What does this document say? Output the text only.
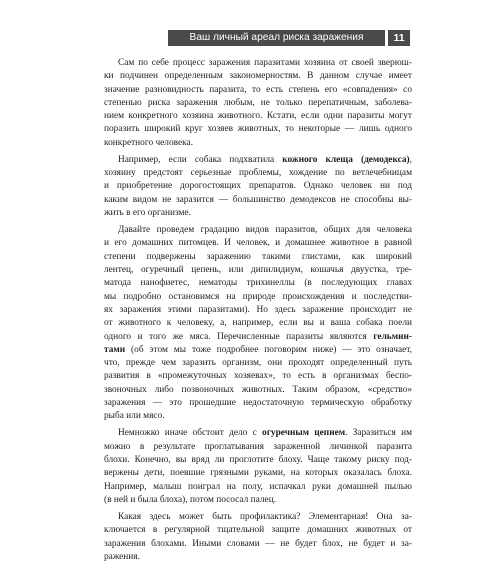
Ваш личный ареал риска заражения	11
Сам по себе процесс заражения паразитами хозяина от своей зверюш-
ки подчинен определенным закономерностям. В данном случае имеет
значение разновидность паразита, то есть степень его «совпадения» со
степенью риска заражения любым, не только перепатичным, заболева-
нием конкретного хозяина животного. Кстати, если одни паразиты могут
поразить широкий круг хозяев животных, то некоторые — лишь одного
конкретного человека.
Например, если собака подхватила кожного клеща (демодекса),
хозяину предстоят серьезные проблемы, хождение по ветлечебницам
и приобретение дорогостоящих препаратов. Однако человек ни под
каким видом не заразится — большинство демодексов не способны вы-
жить в его организме.
Давайте проведем градацию видов паразитов, общих для человека
и его домашних питомцев. И человек, и домашнее животное в равной
степени подвержены заражению такими глистами, как широкий
лентец, огуречный цепень, или дипилидиум, кошачья двуустка, тре-
матода нанофиетес, нематоды трихинеллы (в последующих главах
мы подробно остановимся на природе происхождения и последстви-
ях заражения этими паразитами). Но здесь заражение происходит не
от животного к человеку, а, например, если вы и ваша собака поели
одного и того же мяса. Перечисленные паразиты являются гельмин-
тами (об этом мы тоже подробнее поговорим ниже) — это означает,
что, прежде чем заразить организм, они проходят определенный путь
развития в «промежуточных хозяевах», то есть в организмах беспо-
звоночных либо позвоночных животных. Таким образом, «средство»
заражения — это прошедшие недостаточную термическую обработку
рыба или мясо.
Немножко иначе обстоит дело с огуречным цепнем. Заразиться им
можно в результате проглатывания зараженной личинкой паразита
блохи. Конечно, вы вряд ли проглотите блоху. Чаще такому риску под-
вержены дети, поевшие грязными руками, на которых оказалась блоха.
Например, малыш поиграл на полу, испачкал руки домашней пылью
(в ней и была блоха), потом пососал палец.
Какая здесь может быть профилактика? Элементарная! Она за-
ключается в регулярной тщательной защите домашних животных от
заражения блохами. Иными словами — не будет блох, не будет и за-
ражения.
